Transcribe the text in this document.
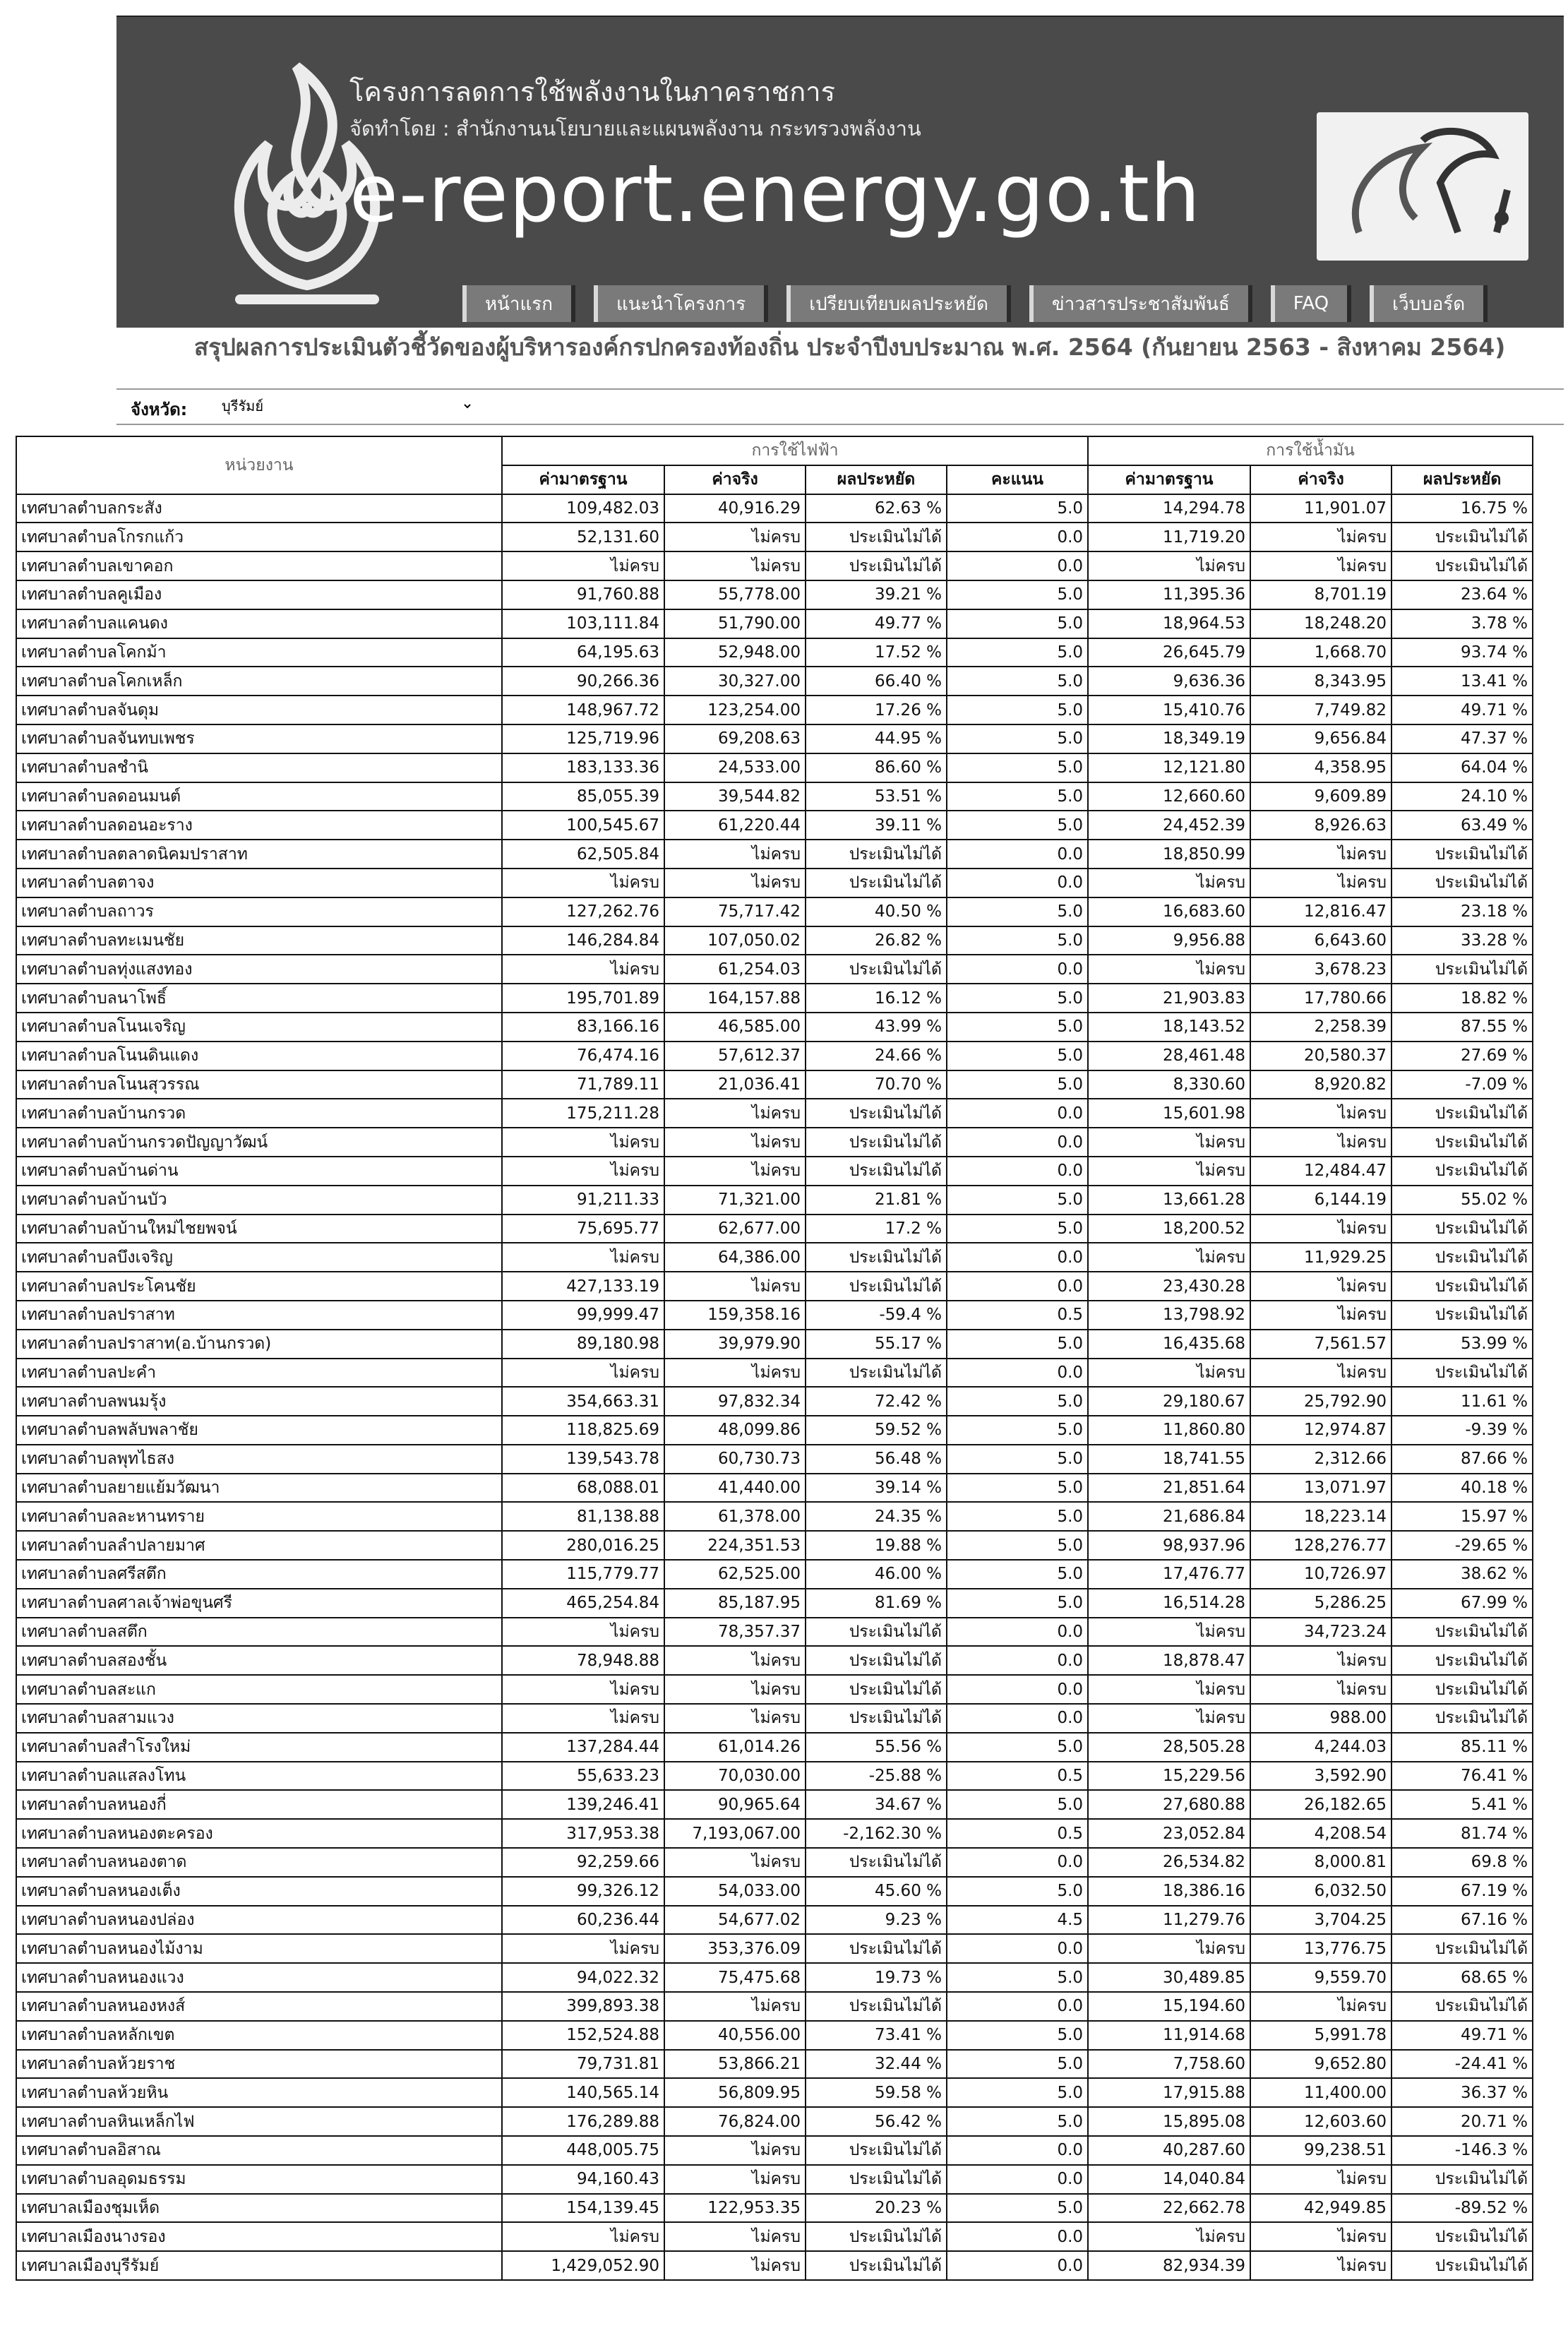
โครงการลดการใช้พลังงานในภาคราชการ
จัดทำโดย : สำนักงานนโยบายและแผนพลังงาน กระทรวงพลังงาน
e-report.energy.go.th
หน้าแรก	แนะนำโครงการ	เปรียบเทียบผลประหยัด	ข่าวสารประชาสัมพันธ์	FAQ	เว็บบอร์ด
สรุปผลการประเมินตัวชี้วัดของผู้บริหารองค์กรปกครองท้องถิ่น ประจำปีงบประมาณ พ.ศ. 2564 (กันยายน 2563 - สิงหาคม 2564)
จังหวัด:
บุรีรัมย์
หน่วยงาน	การใช้ไฟฟ้า				การใช้น้ำมัน			
	ค่ามาตรฐาน	ค่าจริง	ผลประหยัด	คะแนน	ค่ามาตรฐาน	ค่าจริง	ผลประหยัด	
เทศบาลตำบลกระสัง	109,482.03	40,916.29	62.63 %	5.0	14,294.78	11,901.07	16.75 %	
เทศบาลตำบลโกรกแก้ว	52,131.60	ไม่ครบ	ประเมินไม่ได้	0.0	11,719.20	ไม่ครบ	ประเมินไม่ได้	
เทศบาลตำบลเขาคอก	ไม่ครบ	ไม่ครบ	ประเมินไม่ได้	0.0	ไม่ครบ	ไม่ครบ	ประเมินไม่ได้	
เทศบาลตำบลคูเมือง	91,760.88	55,778.00	39.21 %	5.0	11,395.36	8,701.19	23.64 %	
เทศบาลตำบลแคนดง	103,111.84	51,790.00	49.77 %	5.0	18,964.53	18,248.20	3.78 %	
เทศบาลตำบลโคกม้า	64,195.63	52,948.00	17.52 %	5.0	26,645.79	1,668.70	93.74 %	
เทศบาลตำบลโคกเหล็ก	90,266.36	30,327.00	66.40 %	5.0	9,636.36	8,343.95	13.41 %	
เทศบาลตำบลจันดุม	148,967.72	123,254.00	17.26 %	5.0	15,410.76	7,749.82	49.71 %	
เทศบาลตำบลจันทบเพชร	125,719.96	69,208.63	44.95 %	5.0	18,349.19	9,656.84	47.37 %	
เทศบาลตำบลชำนิ	183,133.36	24,533.00	86.60 %	5.0	12,121.80	4,358.95	64.04 %	
เทศบาลตำบลดอนมนต์	85,055.39	39,544.82	53.51 %	5.0	12,660.60	9,609.89	24.10 %	
เทศบาลตำบลดอนอะราง	100,545.67	61,220.44	39.11 %	5.0	24,452.39	8,926.63	63.49 %	
เทศบาลตำบลตลาดนิคมปราสาท	62,505.84	ไม่ครบ	ประเมินไม่ได้	0.0	18,850.99	ไม่ครบ	ประเมินไม่ได้	
เทศบาลตำบลตาจง	ไม่ครบ	ไม่ครบ	ประเมินไม่ได้	0.0	ไม่ครบ	ไม่ครบ	ประเมินไม่ได้	
เทศบาลตำบลถาวร	127,262.76	75,717.42	40.50 %	5.0	16,683.60	12,816.47	23.18 %	
เทศบาลตำบลทะเมนชัย	146,284.84	107,050.02	26.82 %	5.0	9,956.88	6,643.60	33.28 %	
เทศบาลตำบลทุ่งแสงทอง	ไม่ครบ	61,254.03	ประเมินไม่ได้	0.0	ไม่ครบ	3,678.23	ประเมินไม่ได้	
เทศบาลตำบลนาโพธิ์	195,701.89	164,157.88	16.12 %	5.0	21,903.83	17,780.66	18.82 %	
เทศบาลตำบลโนนเจริญ	83,166.16	46,585.00	43.99 %	5.0	18,143.52	2,258.39	87.55 %	
เทศบาลตำบลโนนดินแดง	76,474.16	57,612.37	24.66 %	5.0	28,461.48	20,580.37	27.69 %	
เทศบาลตำบลโนนสุวรรณ	71,789.11	21,036.41	70.70 %	5.0	8,330.60	8,920.82	-7.09 %	
เทศบาลตำบลบ้านกรวด	175,211.28	ไม่ครบ	ประเมินไม่ได้	0.0	15,601.98	ไม่ครบ	ประเมินไม่ได้	
เทศบาลตำบลบ้านกรวดปัญญาวัฒน์	ไม่ครบ	ไม่ครบ	ประเมินไม่ได้	0.0	ไม่ครบ	ไม่ครบ	ประเมินไม่ได้	
เทศบาลตำบลบ้านด่าน	ไม่ครบ	ไม่ครบ	ประเมินไม่ได้	0.0	ไม่ครบ	12,484.47	ประเมินไม่ได้	
เทศบาลตำบลบ้านบัว	91,211.33	71,321.00	21.81 %	5.0	13,661.28	6,144.19	55.02 %	
เทศบาลตำบลบ้านใหม่ไชยพจน์	75,695.77	62,677.00	17.2 %	5.0	18,200.52	ไม่ครบ	ประเมินไม่ได้	
เทศบาลตำบลบึงเจริญ	ไม่ครบ	64,386.00	ประเมินไม่ได้	0.0	ไม่ครบ	11,929.25	ประเมินไม่ได้	
เทศบาลตำบลประโคนชัย	427,133.19	ไม่ครบ	ประเมินไม่ได้	0.0	23,430.28	ไม่ครบ	ประเมินไม่ได้	
เทศบาลตำบลปราสาท	99,999.47	159,358.16	-59.4 %	0.5	13,798.92	ไม่ครบ	ประเมินไม่ได้	
เทศบาลตำบลปราสาท(อ.บ้านกรวด)	89,180.98	39,979.90	55.17 %	5.0	16,435.68	7,561.57	53.99 %	
เทศบาลตำบลปะคำ	ไม่ครบ	ไม่ครบ	ประเมินไม่ได้	0.0	ไม่ครบ	ไม่ครบ	ประเมินไม่ได้	
เทศบาลตำบลพนมรุ้ง	354,663.31	97,832.34	72.42 %	5.0	29,180.67	25,792.90	11.61 %	
เทศบาลตำบลพลับพลาชัย	118,825.69	48,099.86	59.52 %	5.0	11,860.80	12,974.87	-9.39 %	
เทศบาลตำบลพุทไธสง	139,543.78	60,730.73	56.48 %	5.0	18,741.55	2,312.66	87.66 %	
เทศบาลตำบลยายแย้มวัฒนา	68,088.01	41,440.00	39.14 %	5.0	21,851.64	13,071.97	40.18 %	
เทศบาลตำบลละหานทราย	81,138.88	61,378.00	24.35 %	5.0	21,686.84	18,223.14	15.97 %	
เทศบาลตำบลลำปลายมาศ	280,016.25	224,351.53	19.88 %	5.0	98,937.96	128,276.77	-29.65 %	
เทศบาลตำบลศรีสตึก	115,779.77	62,525.00	46.00 %	5.0	17,476.77	10,726.97	38.62 %	
เทศบาลตำบลศาลเจ้าพ่อขุนศรี	465,254.84	85,187.95	81.69 %	5.0	16,514.28	5,286.25	67.99 %	
เทศบาลตำบลสตึก	ไม่ครบ	78,357.37	ประเมินไม่ได้	0.0	ไม่ครบ	34,723.24	ประเมินไม่ได้	
เทศบาลตำบลสองชั้น	78,948.88	ไม่ครบ	ประเมินไม่ได้	0.0	18,878.47	ไม่ครบ	ประเมินไม่ได้	
เทศบาลตำบลสะแก	ไม่ครบ	ไม่ครบ	ประเมินไม่ได้	0.0	ไม่ครบ	ไม่ครบ	ประเมินไม่ได้	
เทศบาลตำบลสามแวง	ไม่ครบ	ไม่ครบ	ประเมินไม่ได้	0.0	ไม่ครบ	988.00	ประเมินไม่ได้	
เทศบาลตำบลสำโรงใหม่	137,284.44	61,014.26	55.56 %	5.0	28,505.28	4,244.03	85.11 %	
เทศบาลตำบลแสลงโทน	55,633.23	70,030.00	-25.88 %	0.5	15,229.56	3,592.90	76.41 %	
เทศบาลตำบลหนองกี่	139,246.41	90,965.64	34.67 %	5.0	27,680.88	26,182.65	5.41 %	
เทศบาลตำบลหนองตะครอง	317,953.38	7,193,067.00	-2,162.30 %	0.5	23,052.84	4,208.54	81.74 %	
เทศบาลตำบลหนองตาด	92,259.66	ไม่ครบ	ประเมินไม่ได้	0.0	26,534.82	8,000.81	69.8 %	
เทศบาลตำบลหนองเต็ง	99,326.12	54,033.00	45.60 %	5.0	18,386.16	6,032.50	67.19 %	
เทศบาลตำบลหนองปล่อง	60,236.44	54,677.02	9.23 %	4.5	11,279.76	3,704.25	67.16 %	
เทศบาลตำบลหนองไม้งาม	ไม่ครบ	353,376.09	ประเมินไม่ได้	0.0	ไม่ครบ	13,776.75	ประเมินไม่ได้	
เทศบาลตำบลหนองแวง	94,022.32	75,475.68	19.73 %	5.0	30,489.85	9,559.70	68.65 %	
เทศบาลตำบลหนองหงส์	399,893.38	ไม่ครบ	ประเมินไม่ได้	0.0	15,194.60	ไม่ครบ	ประเมินไม่ได้	
เทศบาลตำบลหลักเขต	152,524.88	40,556.00	73.41 %	5.0	11,914.68	5,991.78	49.71 %	
เทศบาลตำบลห้วยราช	79,731.81	53,866.21	32.44 %	5.0	7,758.60	9,652.80	-24.41 %	
เทศบาลตำบลห้วยหิน	140,565.14	56,809.95	59.58 %	5.0	17,915.88	11,400.00	36.37 %	
เทศบาลตำบลหินเหล็กไฟ	176,289.88	76,824.00	56.42 %	5.0	15,895.08	12,603.60	20.71 %	
เทศบาลตำบลอิสาณ	448,005.75	ไม่ครบ	ประเมินไม่ได้	0.0	40,287.60	99,238.51	-146.3 %	
เทศบาลตำบลอุดมธรรม	94,160.43	ไม่ครบ	ประเมินไม่ได้	0.0	14,040.84	ไม่ครบ	ประเมินไม่ได้	
เทศบาลเมืองชุมเห็ด	154,139.45	122,953.35	20.23 %	5.0	22,662.78	42,949.85	-89.52 %	
เทศบาลเมืองนางรอง	ไม่ครบ	ไม่ครบ	ประเมินไม่ได้	0.0	ไม่ครบ	ไม่ครบ	ประเมินไม่ได้	
เทศบาลเมืองบุรีรัมย์	1,429,052.90	ไม่ครบ	ประเมินไม่ได้	0.0	82,934.39	ไม่ครบ	ประเมินไม่ได้	
